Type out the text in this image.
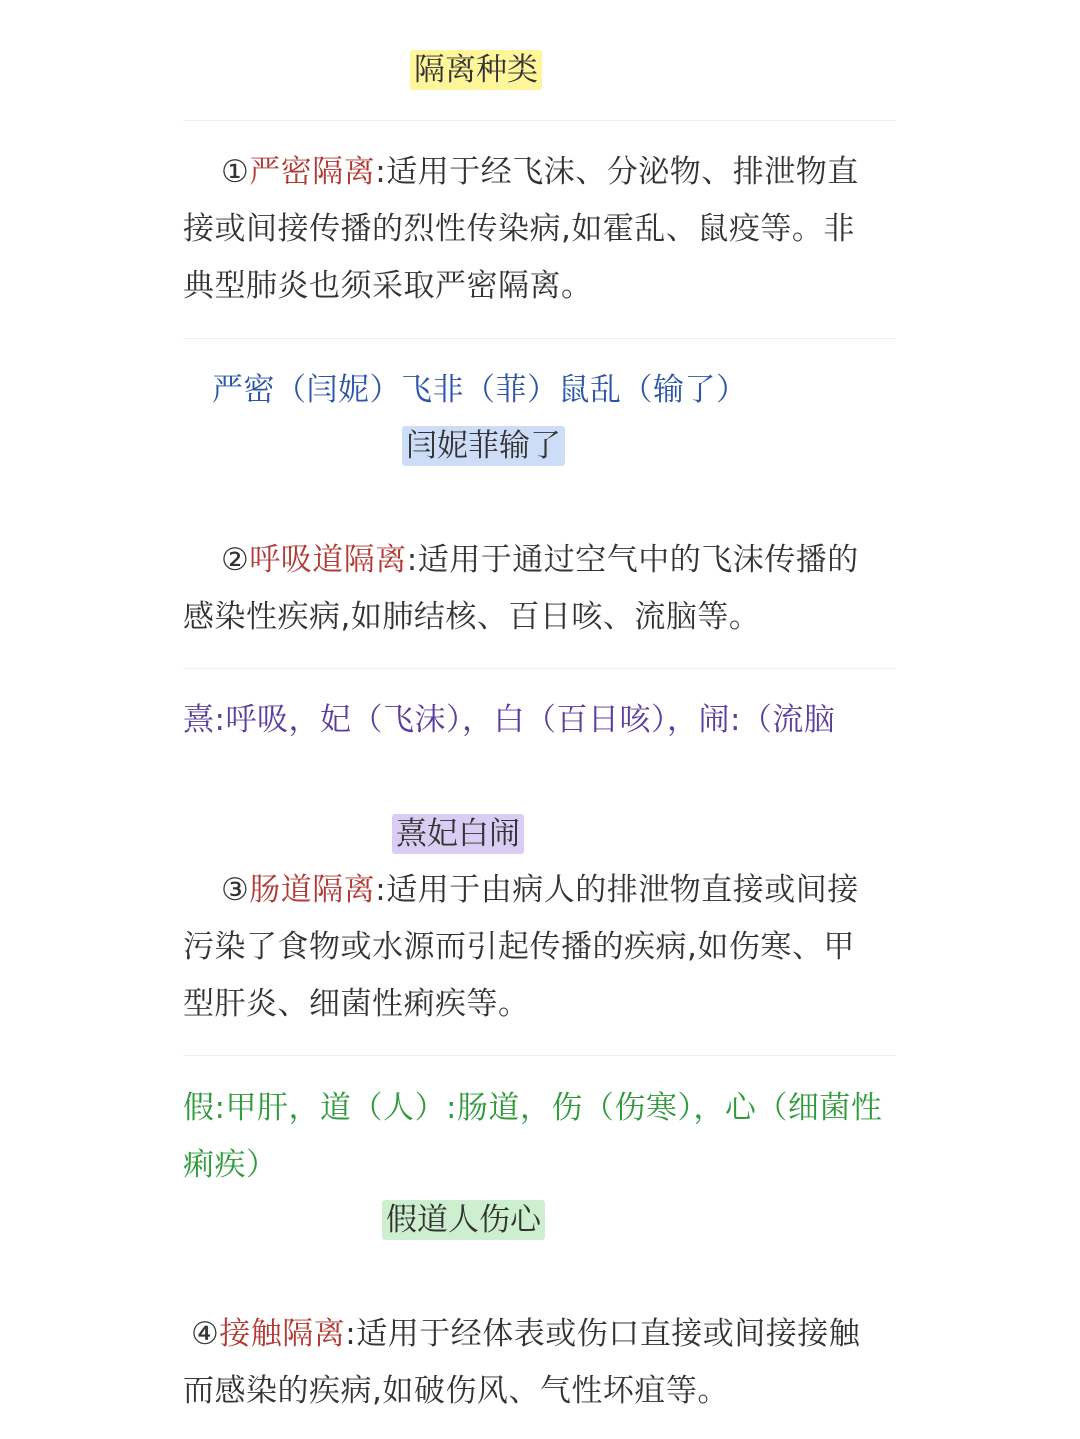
隔离种类

①严密隔离:适用于经飞沫、分泌物、排泄物直接或间接传播的烈性传染病,如霍乱、鼠疫等。非典型肺炎也须采取严密隔离。

严密（闫妮）飞非（菲）鼠乱（输了）

闫妮菲输了

②呼吸道隔离:适用于通过空气中的飞沫传播的感染性疾病,如肺结核、百日咳、流脑等。

熹:呼吸，妃（飞沫），白（百日咳），闹:（流脑

熹妃白闹

③肠道隔离:适用于由病人的排泄物直接或间接污染了食物或水源而引起传播的疾病,如伤寒、甲型肝炎、细菌性痢疾等。

假:甲肝，道（人）:肠道，伤（伤寒），心（细菌性痢疾）

假道人伤心

④接触隔离:适用于经体表或伤口直接或间接接触而感染的疾病,如破伤风、气性坏疽等。
